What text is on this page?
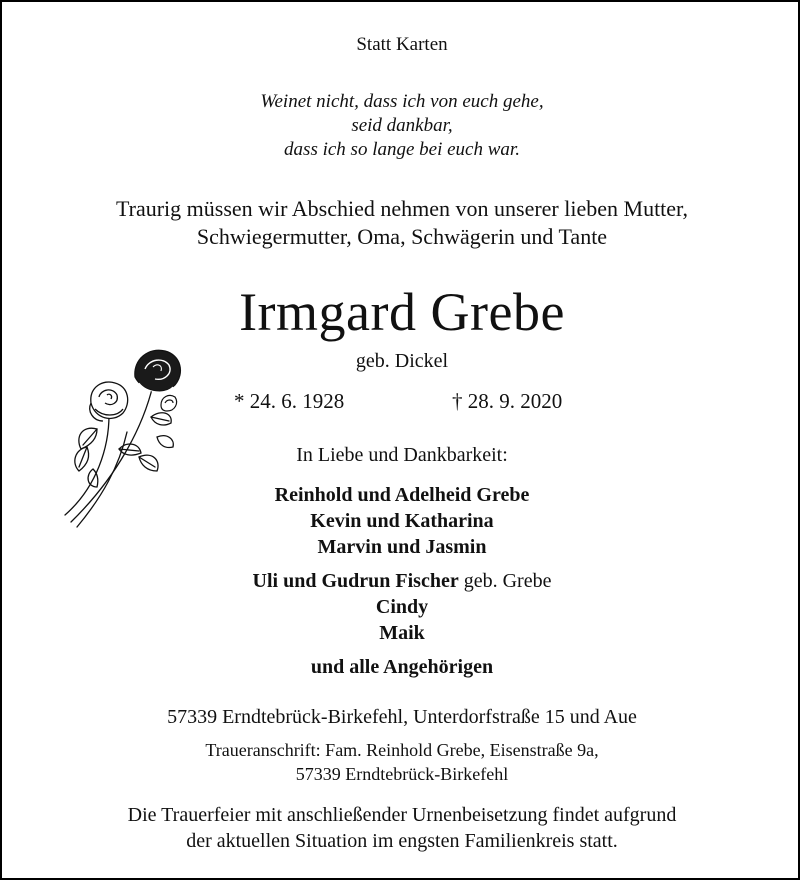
Statt Karten
Weinet nicht, dass ich von euch gehe,
seid dankbar,
dass ich so lange bei euch war.
Traurig müssen wir Abschied nehmen von unserer lieben Mutter,
Schwiegermutter, Oma, Schwägerin und Tante
Irmgard Grebe
geb. Dickel
* 24. 6. 1928	† 28. 9. 2020
In Liebe und Dankbarkeit:
Reinhold und Adelheid Grebe
Kevin und Katharina
Marvin und Jasmin
Uli und Gudrun Fischer geb. Grebe
Cindy
Maik
und alle Angehörigen
57339 Erndtebrück-Birkefehl, Unterdorfstraße 15 und Aue
Traueranschrift: Fam. Reinhold Grebe, Eisenstraße 9a,
57339 Erndtebrück-Birkefehl
Die Trauerfeier mit anschließender Urnenbeisetzung findet aufgrund
der aktuellen Situation im engsten Familienkreis statt.
